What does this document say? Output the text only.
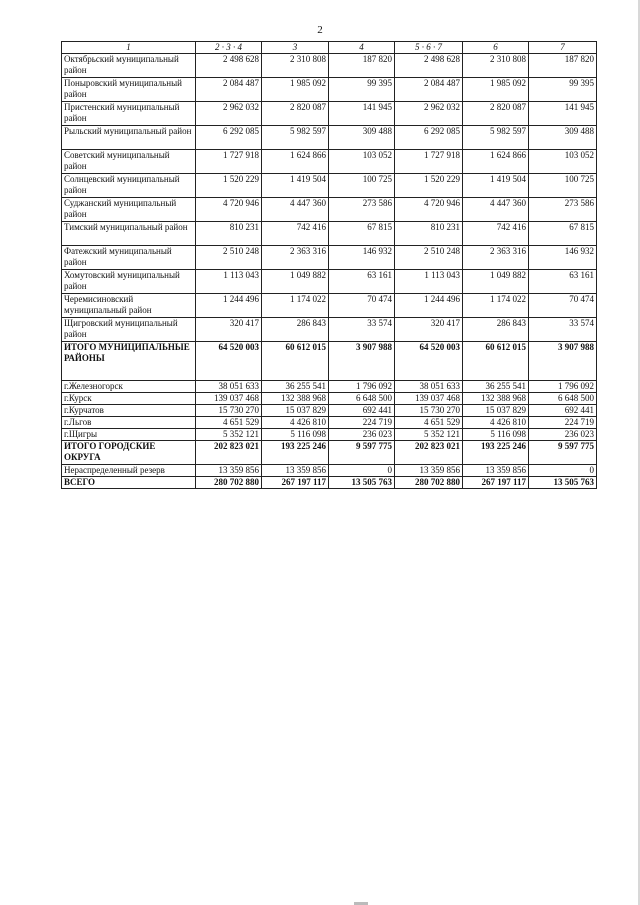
2
1	2 · 3 · 4	3	4	5 · 6 · 7	6	7
Октябрьский муниципальный район	2 498 628	2 310 808	187 820	2 498 628	2 310 808	187 820
Поныровский муниципальный район	2 084 487	1 985 092	99 395	2 084 487	1 985 092	99 395
Пристенский муниципальный район	2 962 032	2 820 087	141 945	2 962 032	2 820 087	141 945
Рыльский муниципальный район	6 292 085	5 982 597	309 488	6 292 085	5 982 597	309 488
Советский муниципальный район	1 727 918	1 624 866	103 052	1 727 918	1 624 866	103 052
Солнцевский муниципальный район	1 520 229	1 419 504	100 725	1 520 229	1 419 504	100 725
Суджанский муниципальный район	4 720 946	4 447 360	273 586	4 720 946	4 447 360	273 586
Тимский муниципальный район	810 231	742 416	67 815	810 231	742 416	67 815
Фатежский муниципальный район	2 510 248	2 363 316	146 932	2 510 248	2 363 316	146 932
Хомутовский муниципальный район	1 113 043	1 049 882	63 161	1 113 043	1 049 882	63 161
Черемисиновский муниципальный район	1 244 496	1 174 022	70 474	1 244 496	1 174 022	70 474
Щигровский муниципальный район	320 417	286 843	33 574	320 417	286 843	33 574
ИТОГО МУНИЦИПАЛЬНЫЕ РАЙОНЫ	64 520 003	60 612 015	3 907 988	64 520 003	60 612 015	3 907 988
г.Железногорск	38 051 633	36 255 541	1 796 092	38 051 633	36 255 541	1 796 092
г.Курск	139 037 468	132 388 968	6 648 500	139 037 468	132 388 968	6 648 500
г.Курчатов	15 730 270	15 037 829	692 441	15 730 270	15 037 829	692 441
г.Льгов	4 651 529	4 426 810	224 719	4 651 529	4 426 810	224 719
г.Щигры	5 352 121	5 116 098	236 023	5 352 121	5 116 098	236 023
ИТОГО ГОРОДСКИЕ ОКРУГА	202 823 021	193 225 246	9 597 775	202 823 021	193 225 246	9 597 775
Нераспределенный резерв	13 359 856	13 359 856	0	13 359 856	13 359 856	0
ВСЕГО	280 702 880	267 197 117	13 505 763	280 702 880	267 197 117	13 505 763
